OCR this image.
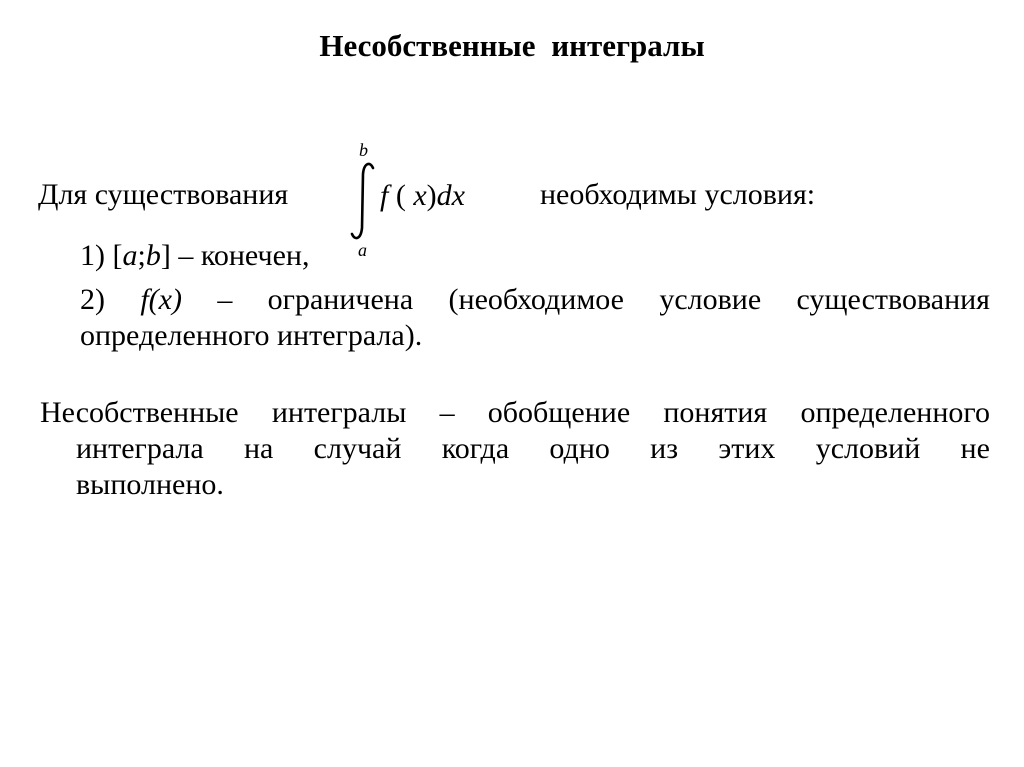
Несобственные интегралы
Для существования
b
f ( x)dx
a
необходимы условия:
1) [a;b] – конечен,
2) f(x) – ограничена (необходимое условие существования
определенного интеграла).
Несобственные интегралы – обобщение понятия определенного
интеграла на случай когда одно из этих условий не
выполнено.
